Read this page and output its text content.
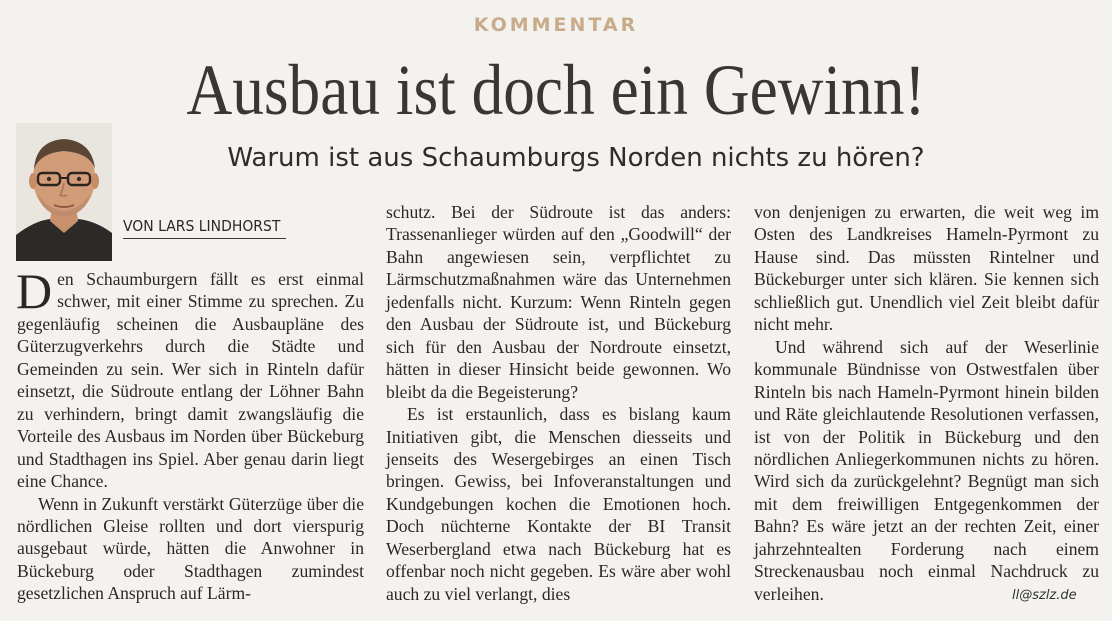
KOMMENTAR
Ausbau ist doch ein Gewinn!
Warum ist aus Schaumburgs Norden nichts zu hören?
VON LARS LINDHORST

Den Schaumburgern fällt es erst einmal schwer, mit einer Stimme zu sprechen. Zu gegenläufig scheinen die Ausbaupläne des Güterzugverkehrs durch die Städte und Gemeinden zu sein. Wer sich in Rinteln dafür einsetzt, die Südroute entlang der Löhner Bahn zu verhindern, bringt damit zwangsläufig die Vorteile des Ausbaus im Norden über Bückeburg und Stadthagen ins Spiel. Aber genau darin liegt eine Chance.

Wenn in Zukunft verstärkt Güterzüge über die nördlichen Gleise rollten und dort vierspurig ausgebaut würde, hätten die Anwohner in Bückeburg oder Stadthagen zumindest gesetzlichen Anspruch auf Lärm-

schutz. Bei der Südroute ist das anders: Trassenanlieger würden auf den „Goodwill“ der Bahn angewiesen sein, verpflichtet zu Lärmschutzmaßnahmen wäre das Unternehmen jedenfalls nicht. Kurzum: Wenn Rinteln gegen den Ausbau der Südroute ist, und Bückeburg sich für den Ausbau der Nordroute einsetzt, hätten in dieser Hinsicht beide gewonnen. Wo bleibt da die Begeisterung?

Es ist erstaunlich, dass es bislang kaum Initiativen gibt, die Menschen diesseits und jenseits des Wesergebirges an einen Tisch bringen. Gewiss, bei Infoveranstaltungen und Kundgebungen kochen die Emotionen hoch. Doch nüchterne Kontakte der BI Transit Weserbergland etwa nach Bückeburg hat es offenbar noch nicht gegeben. Es wäre aber wohl auch zu viel verlangt, dies

von denjenigen zu erwarten, die weit weg im Osten des Landkreises Hameln-Pyrmont zu Hause sind. Das müssten Rintelner und Bückeburger unter sich klären. Sie kennen sich schließlich gut. Unendlich viel Zeit bleibt dafür nicht mehr.

Und während sich auf der Weserlinie kommunale Bündnisse von Ostwestfalen über Rinteln bis nach Hameln-Pyrmont hinein bilden und Räte gleichlautende Resolutionen verfassen, ist von der Politik in Bückeburg und den nördlichen Anliegerkommunen nichts zu hören. Wird sich da zurückgelehnt? Begnügt man sich mit dem freiwilligen Entgegenkommen der Bahn? Es wäre jetzt an der rechten Zeit, einer jahrzehntealten Forderung nach einem Streckenausbau noch einmal Nachdruck zu verleihen.	ll@szlz.de
